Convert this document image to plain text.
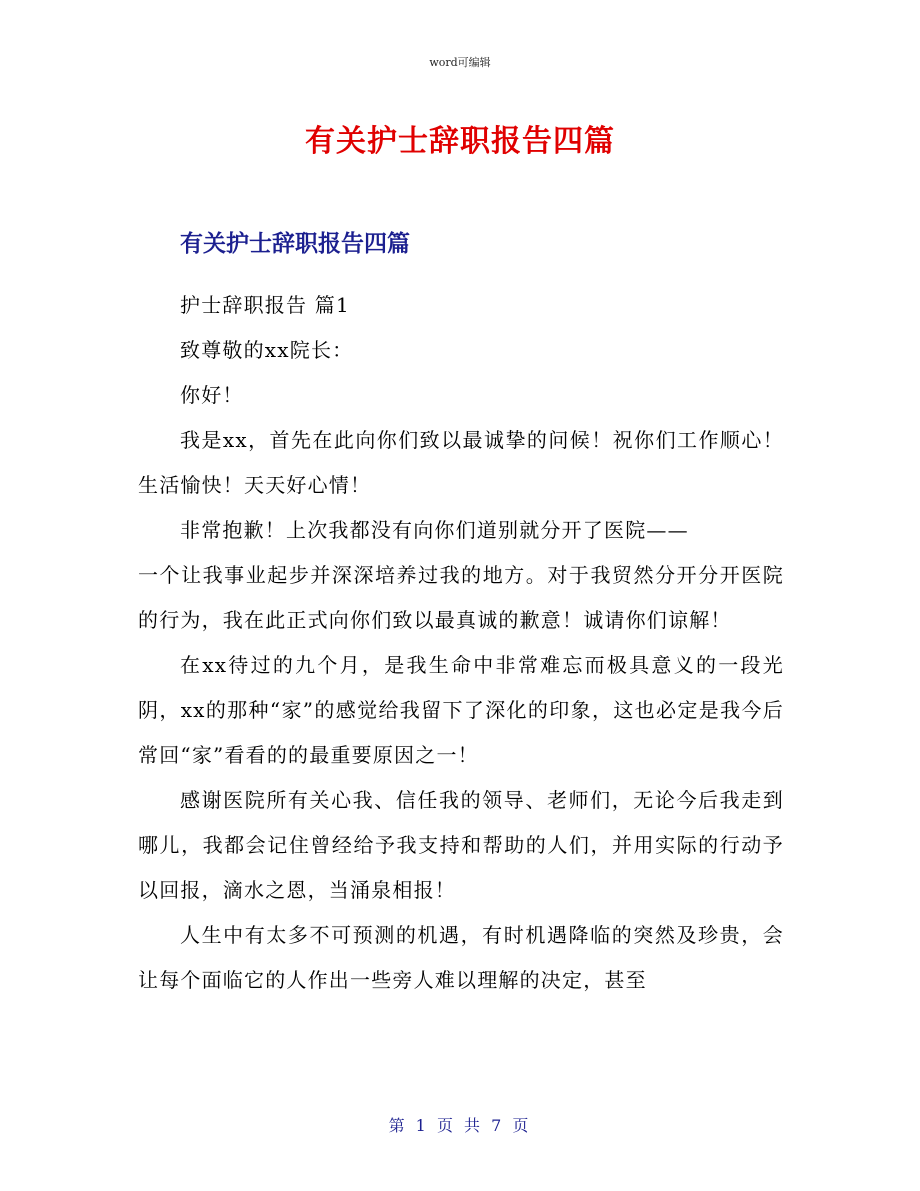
word可编辑
有关护士辞职报告四篇
有关护士辞职报告四篇

护士辞职报告 篇1

致尊敬的xx院长：

你好！

我是xx，首先在此向你们致以最诚挚的问候！祝你们工作顺心！生活愉快！天天好心情！

非常抱歉！上次我都没有向你们道别就分开了医院——

一个让我事业起步并深深培养过我的地方。对于我贸然分开分开医院的行为，我在此正式向你们致以最真诚的歉意！诚请你们谅解！

在xx待过的九个月，是我生命中非常难忘而极具意义的一段光阴，xx的那种“家”的感觉给我留下了深化的印象，这也必定是我今后常回“家”看看的的最重要原因之一！

感谢医院所有关心我、信任我的领导、老师们，无论今后我走到哪儿，我都会记住曾经给予我支持和帮助的人们，并用实际的行动予以回报，滴水之恩，当涌泉相报！

人生中有太多不可预测的机遇，有时机遇降临的突然及珍贵，会让每个面临它的人作出一些旁人难以理解的决定，甚至

第 1 页 共 7 页
